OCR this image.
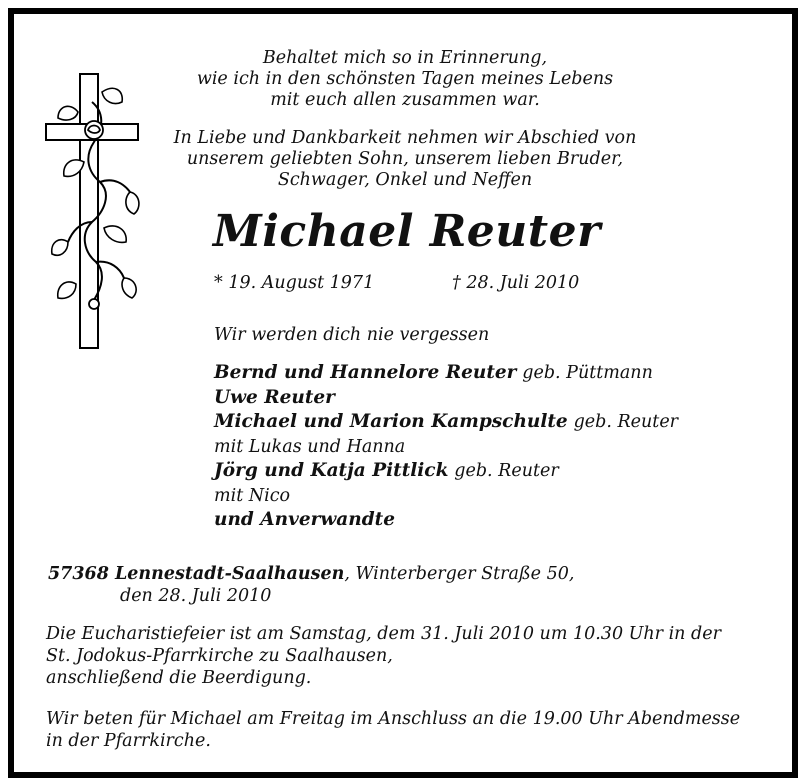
Behaltet mich so in Erinnerung,
wie ich in den schönsten Tagen meines Lebens
mit euch allen zusammen war.
In Liebe und Dankbarkeit nehmen wir Abschied von
unserem geliebten Sohn, unserem lieben Bruder,
Schwager, Onkel und Neffen
Michael Reuter
* 19. August 1971	† 28. Juli 2010
Wir werden dich nie vergessen
Bernd und Hannelore Reuter geb. Püttmann
Uwe Reuter
Michael und Marion Kampschulte geb. Reuter
mit Lukas und Hanna
Jörg und Katja Pittlick geb. Reuter
mit Nico
und Anverwandte
57368 Lennestadt-Saalhausen, Winterberger Straße 50,
den 28. Juli 2010
Die Eucharistiefeier ist am Samstag, dem 31. Juli 2010 um 10.30 Uhr in der
St. Jodokus-Pfarrkirche zu Saalhausen,
anschließend die Beerdigung.
Wir beten für Michael am Freitag im Anschluss an die 19.00 Uhr Abendmesse
in der Pfarrkirche.
